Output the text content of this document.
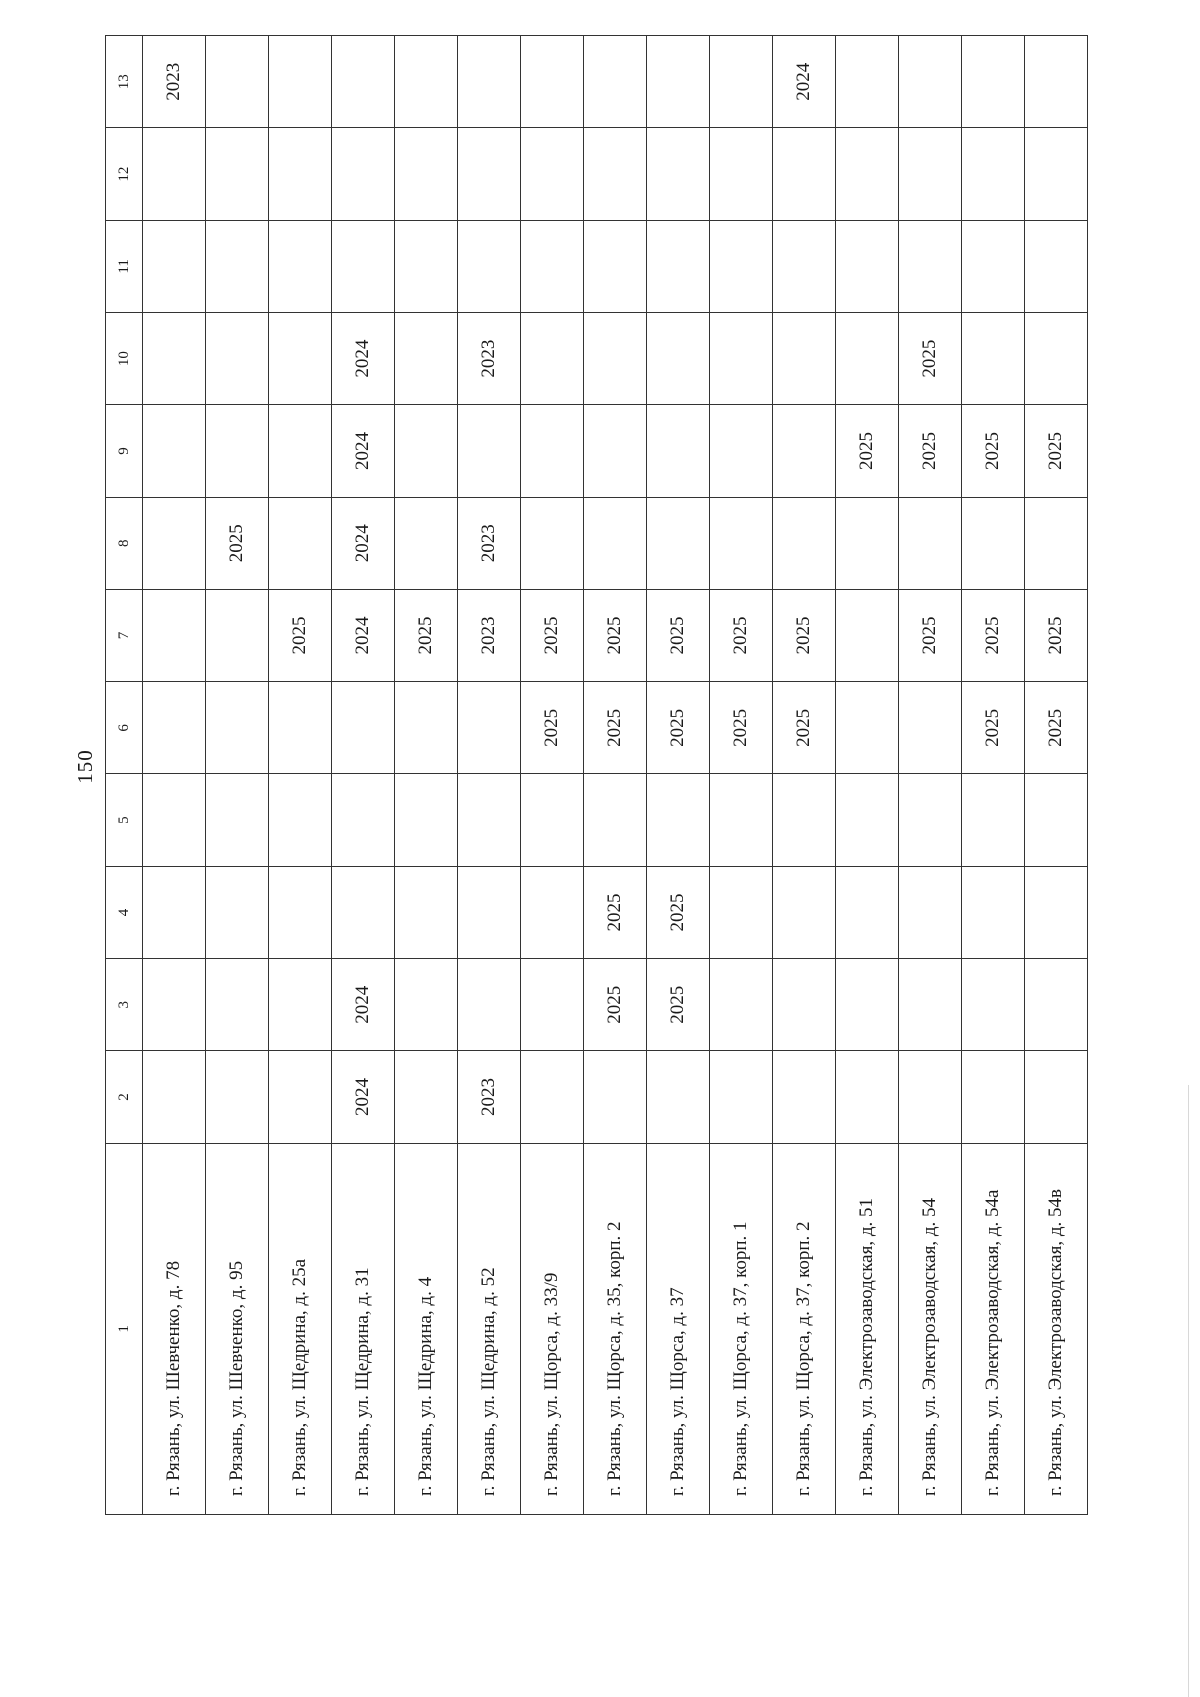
150
1	2	3	4	5	6	7	8	9	10	11	12	13
г. Рязань, ул. Шевченко, д. 78												2023
г. Рязань, ул. Шевченко, д. 95							2025					
г. Рязань, ул. Щедрина, д. 25а						2025						
г. Рязань, ул. Щедрина, д. 31	2024	2024				2024	2024	2024	2024			
г. Рязань, ул. Щедрина, д. 4						2025						
г. Рязань, ул. Щедрина, д. 52	2023					2023	2023		2023			
г. Рязань, ул. Щорса, д. 33/9					2025	2025						
г. Рязань, ул. Щорса, д. 35, корп. 2		2025	2025		2025	2025						
г. Рязань, ул. Щорса, д. 37		2025	2025		2025	2025						
г. Рязань, ул. Щорса, д. 37, корп. 1					2025	2025						
г. Рязань, ул. Щорса, д. 37, корп. 2					2025	2025						2024
г. Рязань, ул. Электрозаводская, д. 51								2025				
г. Рязань, ул. Электрозаводская, д. 54						2025		2025	2025			
г. Рязань, ул. Электрозаводская, д. 54а					2025	2025		2025				
г. Рязань, ул. Электрозаводская, д. 54в					2025	2025		2025				
